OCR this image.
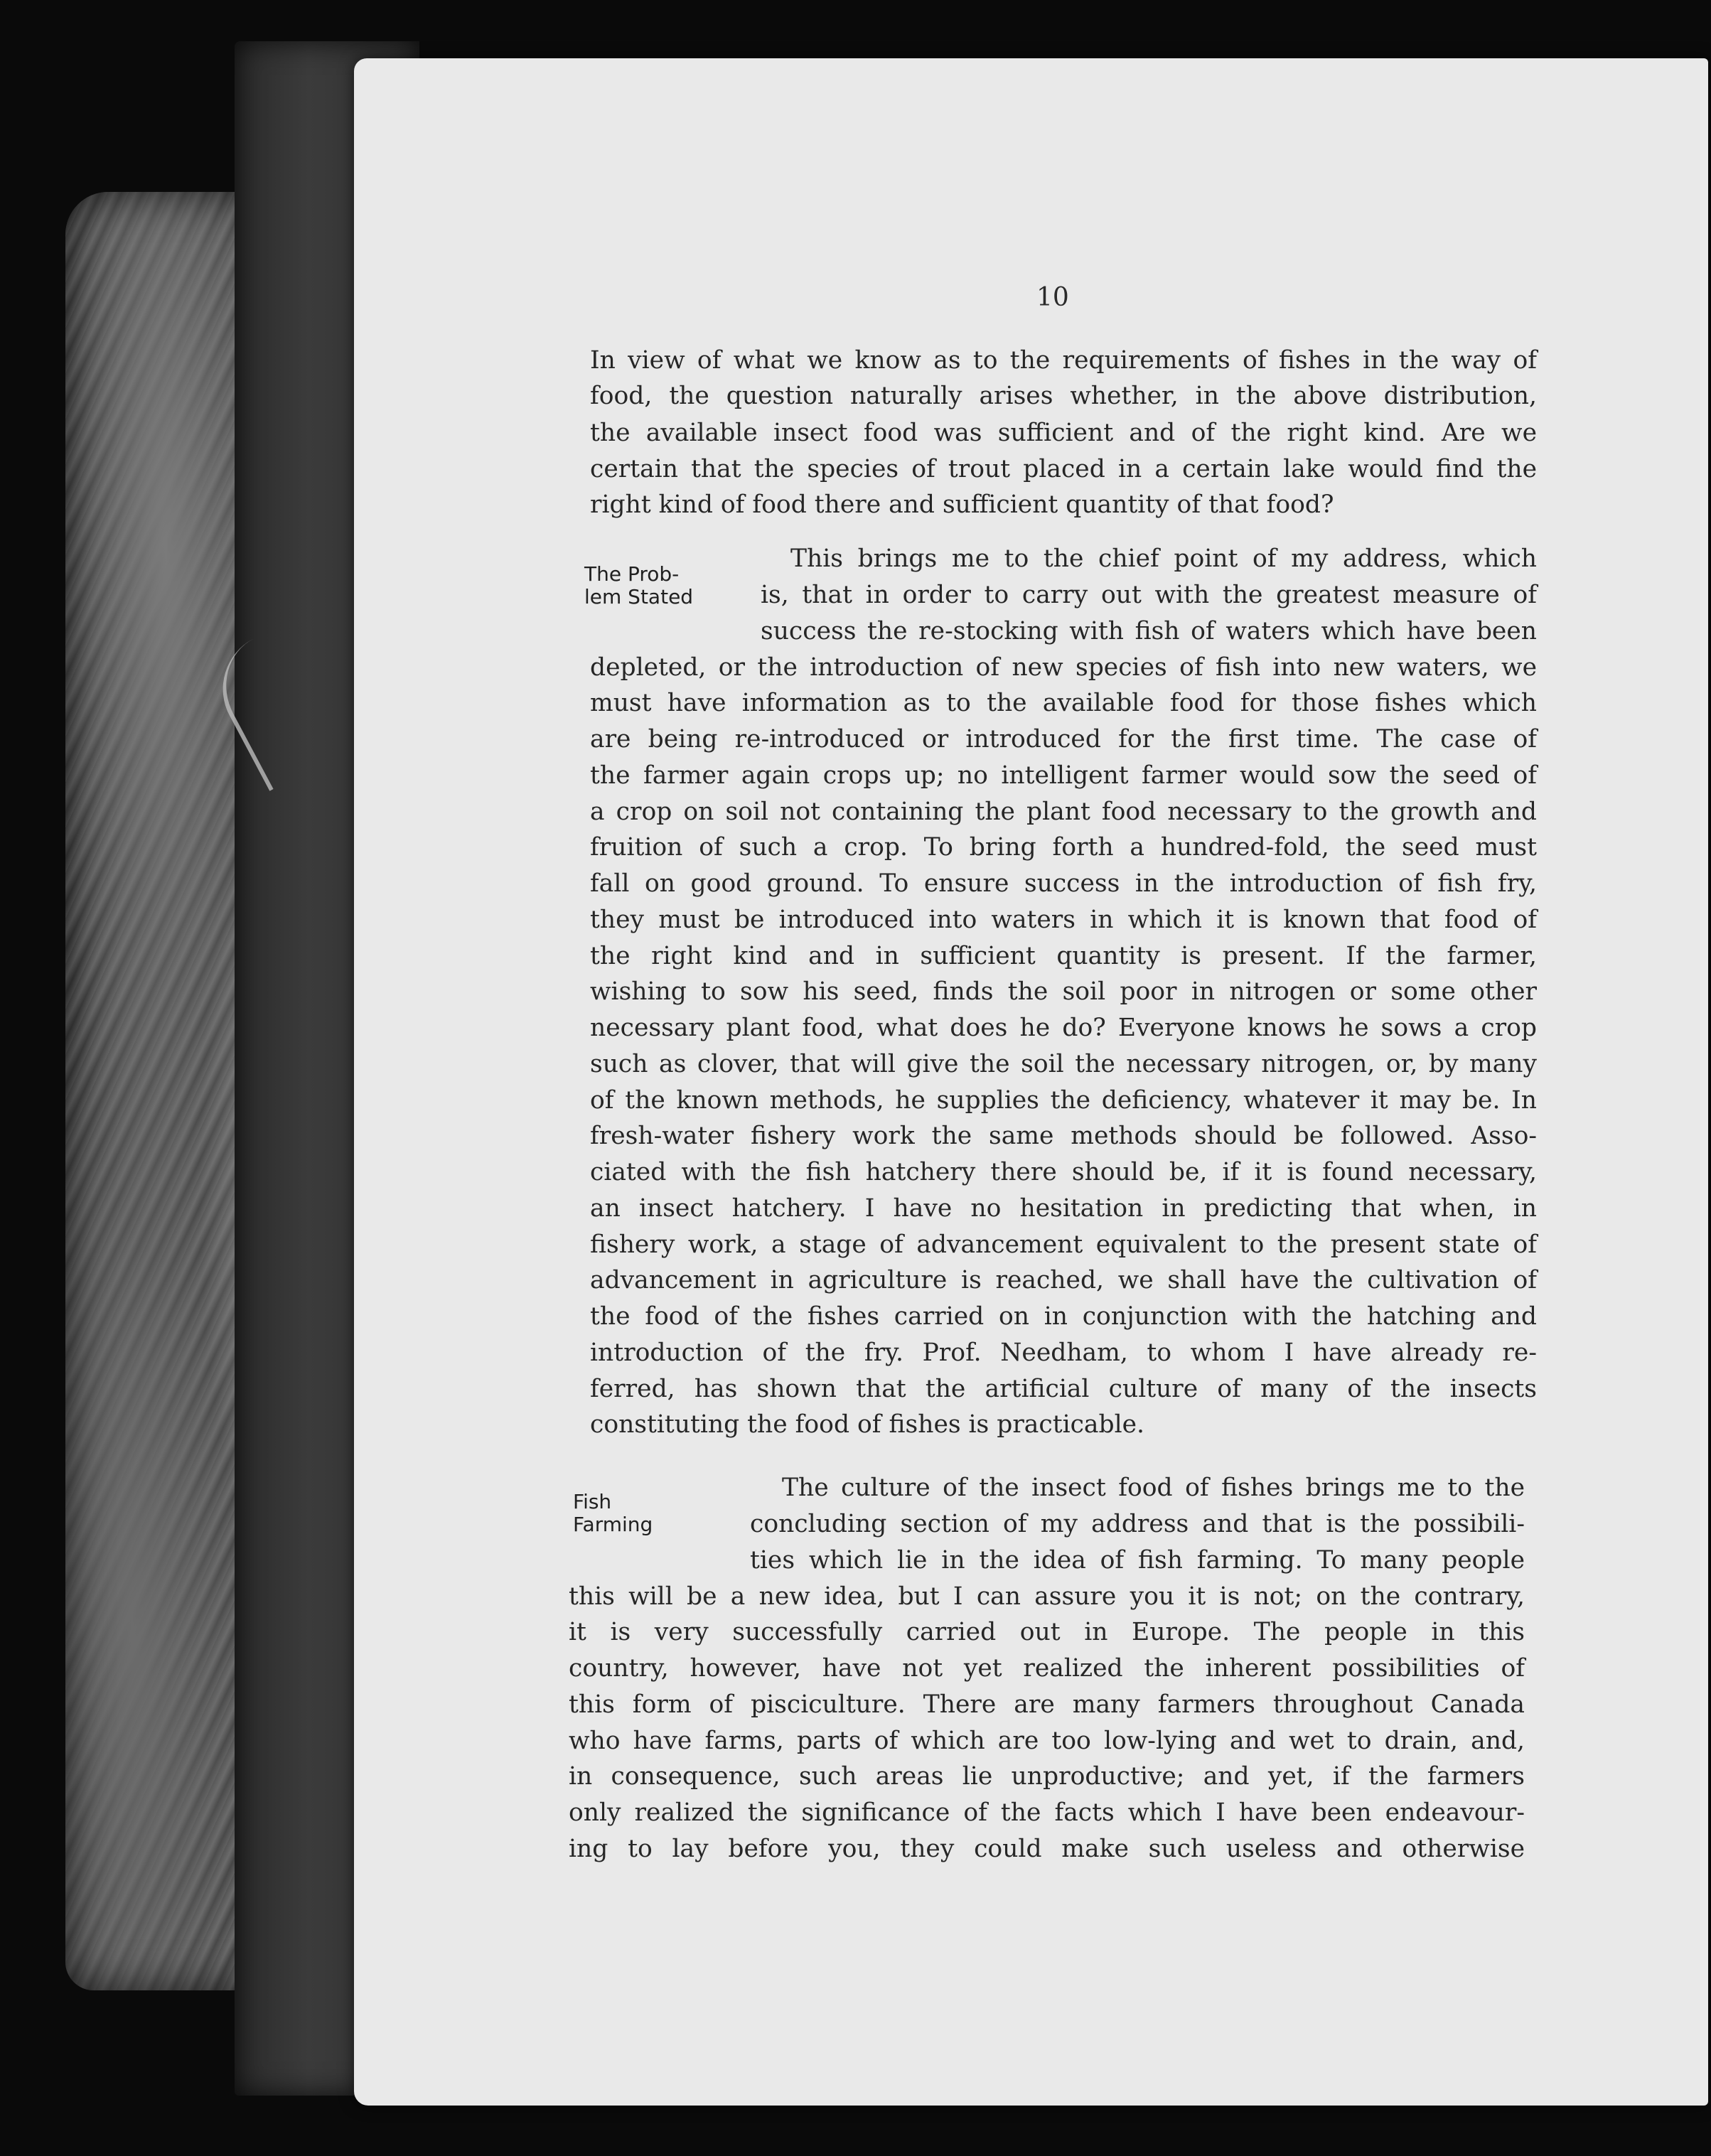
10
In view of what we know as to the requirements of fishes in the way of
food, the question naturally arises whether, in the above distribution,
the available insect food was sufficient and of the right kind. Are we
certain that the species of trout placed in a certain lake would find the
right kind of food there and sufficient quantity of that food?
The Prob-
lem Stated
This brings me to the chief point of my address, which
is, that in order to carry out with the greatest measure of
success the re-stocking with fish of waters which have been
depleted, or the introduction of new species of fish into new waters, we
must have information as to the available food for those fishes which
are being re-introduced or introduced for the first time. The case of
the farmer again crops up; no intelligent farmer would sow the seed of
a crop on soil not containing the plant food necessary to the growth and
fruition of such a crop. To bring forth a hundred-fold, the seed must
fall on good ground. To ensure success in the introduction of fish fry,
they must be introduced into waters in which it is known that food of
the right kind and in sufficient quantity is present. If the farmer,
wishing to sow his seed, finds the soil poor in nitrogen or some other
necessary plant food, what does he do? Everyone knows he sows a crop
such as clover, that will give the soil the necessary nitrogen, or, by many
of the known methods, he supplies the deficiency, whatever it may be. In
fresh-water fishery work the same methods should be followed. Asso-
ciated with the fish hatchery there should be, if it is found necessary,
an insect hatchery. I have no hesitation in predicting that when, in
fishery work, a stage of advancement equivalent to the present state of
advancement in agriculture is reached, we shall have the cultivation of
the food of the fishes carried on in conjunction with the hatching and
introduction of the fry. Prof. Needham, to whom I have already re-
ferred, has shown that the artificial culture of many of the insects
constituting the food of fishes is practicable.
Fish
Farming
The culture of the insect food of fishes brings me to the
concluding section of my address and that is the possibili-
ties which lie in the idea of fish farming. To many people
this will be a new idea, but I can assure you it is not; on the contrary,
it is very successfully carried out in Europe. The people in this
country, however, have not yet realized the inherent possibilities of
this form of pisciculture. There are many farmers throughout Canada
who have farms, parts of which are too low-lying and wet to drain, and,
in consequence, such areas lie unproductive; and yet, if the farmers
only realized the significance of the facts which I have been endeavour-
ing to lay before you, they could make such useless and otherwise
